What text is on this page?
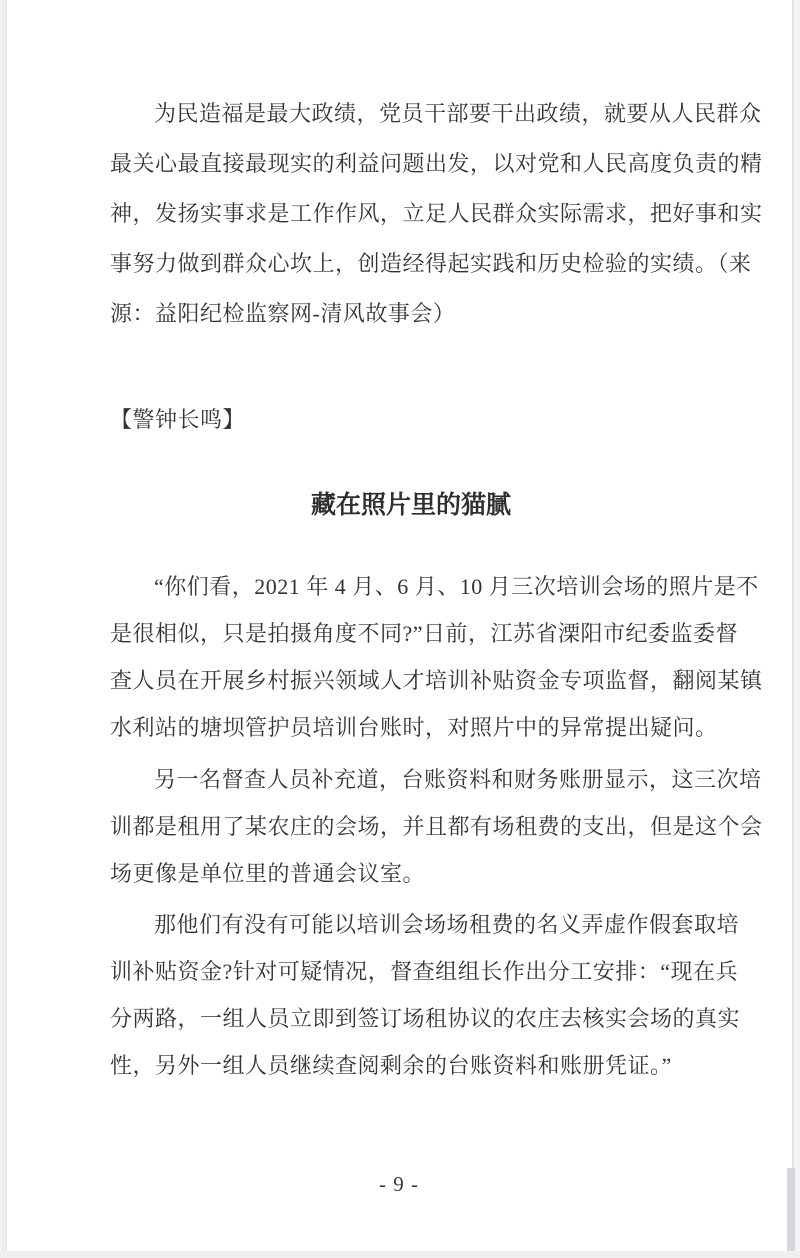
为民造福是最大政绩，党员干部要干出政绩，就要从人民群众
最关心最直接最现实的利益问题出发，以对党和人民高度负责的精
神，发扬实事求是工作作风，立足人民群众实际需求，把好事和实
事努力做到群众心坎上，创造经得起实践和历史检验的实绩。（来
源：益阳纪检监察网-清风故事会）
【警钟长鸣】
藏在照片里的猫腻
“你们看，2021 年 4 月、6 月、10 月三次培训会场的照片是不
是很相似，只是拍摄角度不同?”日前，江苏省溧阳市纪委监委督
查人员在开展乡村振兴领域人才培训补贴资金专项监督，翻阅某镇
水利站的塘坝管护员培训台账时，对照片中的异常提出疑问。
另一名督查人员补充道，台账资料和财务账册显示，这三次培
训都是租用了某农庄的会场，并且都有场租费的支出，但是这个会
场更像是单位里的普通会议室。
那他们有没有可能以培训会场场租费的名义弄虚作假套取培
训补贴资金?针对可疑情况，督查组组长作出分工安排：“现在兵
分两路，一组人员立即到签订场租协议的农庄去核实会场的真实
性，另外一组人员继续查阅剩余的台账资料和账册凭证。”
- 9 -
